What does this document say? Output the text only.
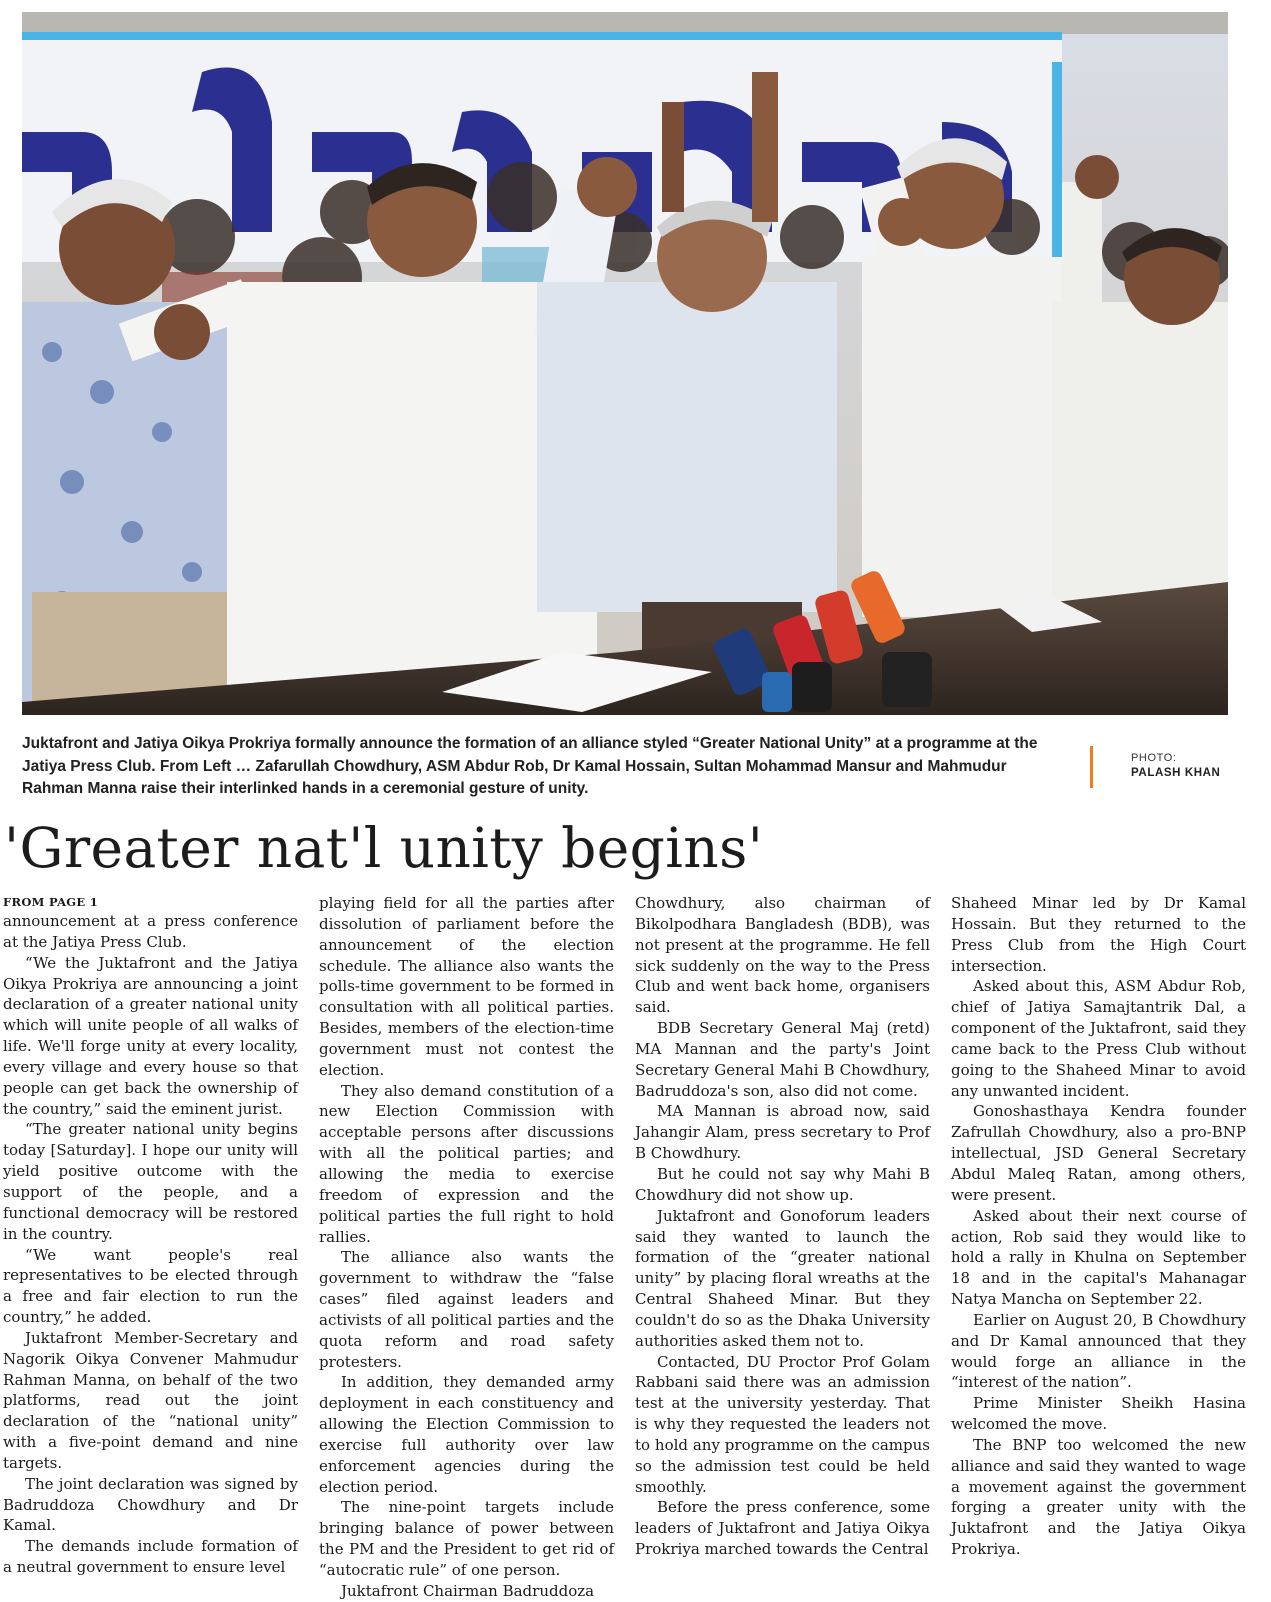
Juktafront and Jatiya Oikya Prokriya formally announce the formation of an alliance styled “Greater National Unity” at a programme at the Jatiya Press Club. From Left … Zafarullah Chowdhury, ASM Abdur Rob, Dr Kamal Hossain, Sultan Mohammad Mansur and Mahmudur Rahman Manna raise their interlinked hands in a ceremonial gesture of unity.
PHOTO:
PALASH KHAN
'Greater nat'l unity begins'
FROM PAGE 1

announcement at a press conference at the Jatiya Press Club.

“We the Juktafront and the Jatiya Oikya Prokriya are announcing a joint declaration of a greater national unity which will unite people of all walks of life. We'll forge unity at every locality, every village and every house so that people can get back the ownership of the country,” said the eminent jurist.

“The greater national unity begins today [Saturday]. I hope our unity will yield positive outcome with the support of the people, and a functional democracy will be restored in the country.

“We want people's real representatives to be elected through a free and fair election to run the country,” he added.

Juktafront Member-Secretary and Nagorik Oikya Convener Mahmudur Rahman Manna, on behalf of the two platforms, read out the joint declaration of the “national unity” with a five-point demand and nine targets.

The joint declaration was signed by Badruddoza Chowdhury and Dr Kamal.

The demands include formation of a neutral government to ensure level

playing field for all the parties after dissolution of parliament before the announcement of the election schedule. The alliance also wants the polls-time government to be formed in consultation with all political parties. Besides, members of the election-time government must not contest the election.

They also demand constitution of a new Election Commission with acceptable persons after discussions with all the political parties; and allowing the media to exercise freedom of expression and the political parties the full right to hold rallies.

The alliance also wants the government to withdraw the “false cases” filed against leaders and activists of all political parties and the quota reform and road safety protesters.

In addition, they demanded army deployment in each constituency and allowing the Election Commission to exercise full authority over law enforcement agencies during the election period.

The nine-point targets include bringing balance of power between the PM and the President to get rid of “autocratic rule” of one person.

Juktafront Chairman Badruddoza

Chowdhury, also chairman of Bikolpodhara Bangladesh (BDB), was not present at the programme. He fell sick suddenly on the way to the Press Club and went back home, organisers said.

BDB Secretary General Maj (retd) MA Mannan and the party's Joint Secretary General Mahi B Chowdhury, Badruddoza's son, also did not come.

MA Mannan is abroad now, said Jahangir Alam, press secretary to Prof B Chowdhury.

But he could not say why Mahi B Chowdhury did not show up.

Juktafront and Gonoforum leaders said they wanted to launch the formation of the “greater national unity” by placing floral wreaths at the Central Shaheed Minar. But they couldn't do so as the Dhaka University authorities asked them not to.

Contacted, DU Proctor Prof Golam Rabbani said there was an admission test at the university yesterday. That is why they requested the leaders not to hold any programme on the campus so the admission test could be held smoothly.

Before the press conference, some leaders of Juktafront and Jatiya Oikya Prokriya marched towards the Central

Shaheed Minar led by Dr Kamal Hossain. But they returned to the Press Club from the High Court intersection.

Asked about this, ASM Abdur Rob, chief of Jatiya Samajtantrik Dal, a component of the Juktafront, said they came back to the Press Club without going to the Shaheed Minar to avoid any unwanted incident.

Gonoshasthaya Kendra founder Zafrullah Chowdhury, also a pro-BNP intellectual, JSD General Secretary Abdul Maleq Ratan, among others, were present.

Asked about their next course of action, Rob said they would like to hold a rally in Khulna on September 18 and in the capital's Mahanagar Natya Mancha on September 22.

Earlier on August 20, B Chowdhury and Dr Kamal announced that they would forge an alliance in the “interest of the nation”.

Prime Minister Sheikh Hasina welcomed the move.

The BNP too welcomed the new alliance and said they wanted to wage a movement against the government forging a greater unity with the Juktafront and the Jatiya Oikya Prokriya.
